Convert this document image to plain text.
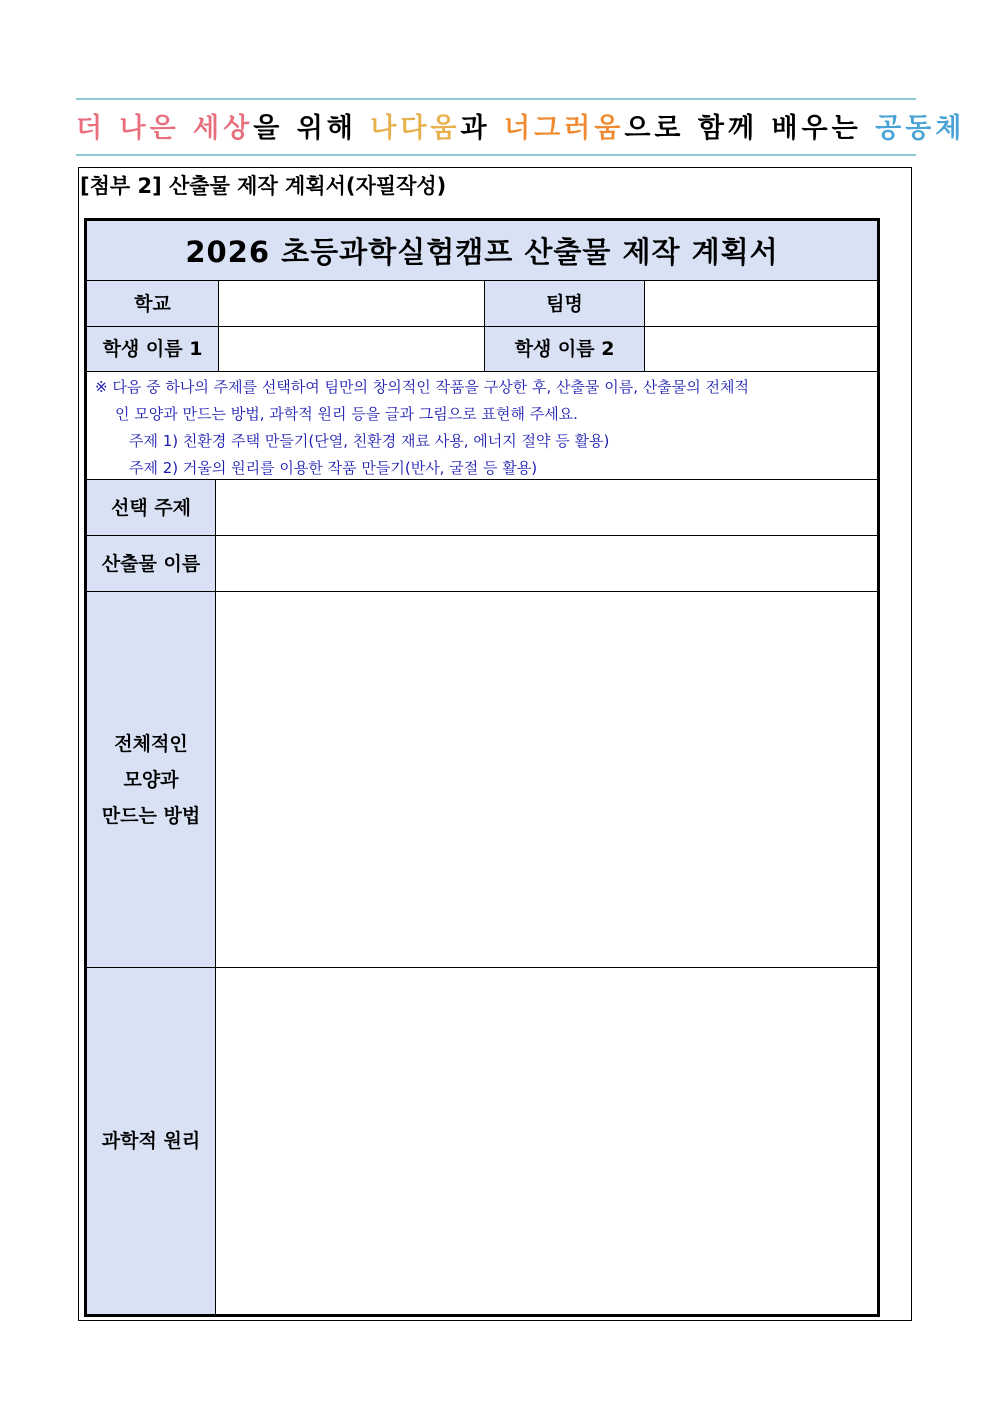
더 나은 세상을 위해 나다움과 너그러움으로 함께 배우는 공동체
[첨부 2] 산출물 제작 계획서(자필작성)
2026 초등과학실험캠프 산출물 제작 계획서
학교	팀명
학생 이름 1	학생 이름 2

※ 다음 중 하나의 주제를 선택하여 팀만의 창의적인 작품을 구상한 후, 산출물 이름, 산출물의 전체적

인 모양과 만드는 방법, 과학적 원리 등을 글과 그림으로 표현해 주세요.

주제 1) 친환경 주택 만들기(단열, 친환경 재료 사용, 에너지 절약 등 활용)

주제 2) 거울의 원리를 이용한 작품 만들기(반사, 굴절 등 활용)

선택 주제
산출물 이름
전체적인
모양과
만드는 방법
과학적 원리
